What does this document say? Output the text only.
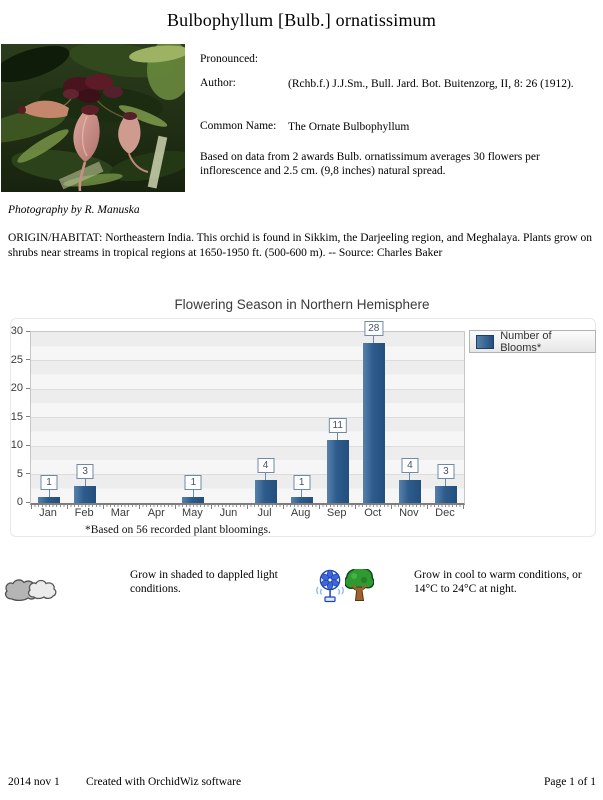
Bulbophyllum [Bulb.] ornatissimum
Pronounced:
Author:	(Rchb.f.) J.J.Sm., Bull. Jard. Bot. Buitenzorg, II, 8: 26 (1912).
Common Name: The Ornate Bulbophyllum
Based on data from 2 awards Bulb. ornatissimum averages 30 flowers per inflorescence and 2.5 cm. (9,8 inches) natural spread.
Photography by R. Manuska
ORIGIN/HABITAT: Northeastern India. This orchid is found in Sikkim, the Darjeeling region, and Meghalaya. Plants grow on shrubs near streams in tropical regions at 1650-1950 ft. (500-600 m). -- Source: Charles Baker
Flowering Season in Northern Hemisphere
0
5
10
15
20
25
30
1
3
1
4
1
11
28
4
3
Jan	Feb	Mar	Apr	May	Jun	Jul	Aug	Sep	Oct	Nov	Dec
Number of Blooms*
*Based on 56 recorded plant bloomings.
Grow in shaded to dappled light conditions.
Grow in cool to warm conditions, or 14°C to 24°C at night.
2014 nov 1 Created with OrchidWiz software	Page 1 of 1
